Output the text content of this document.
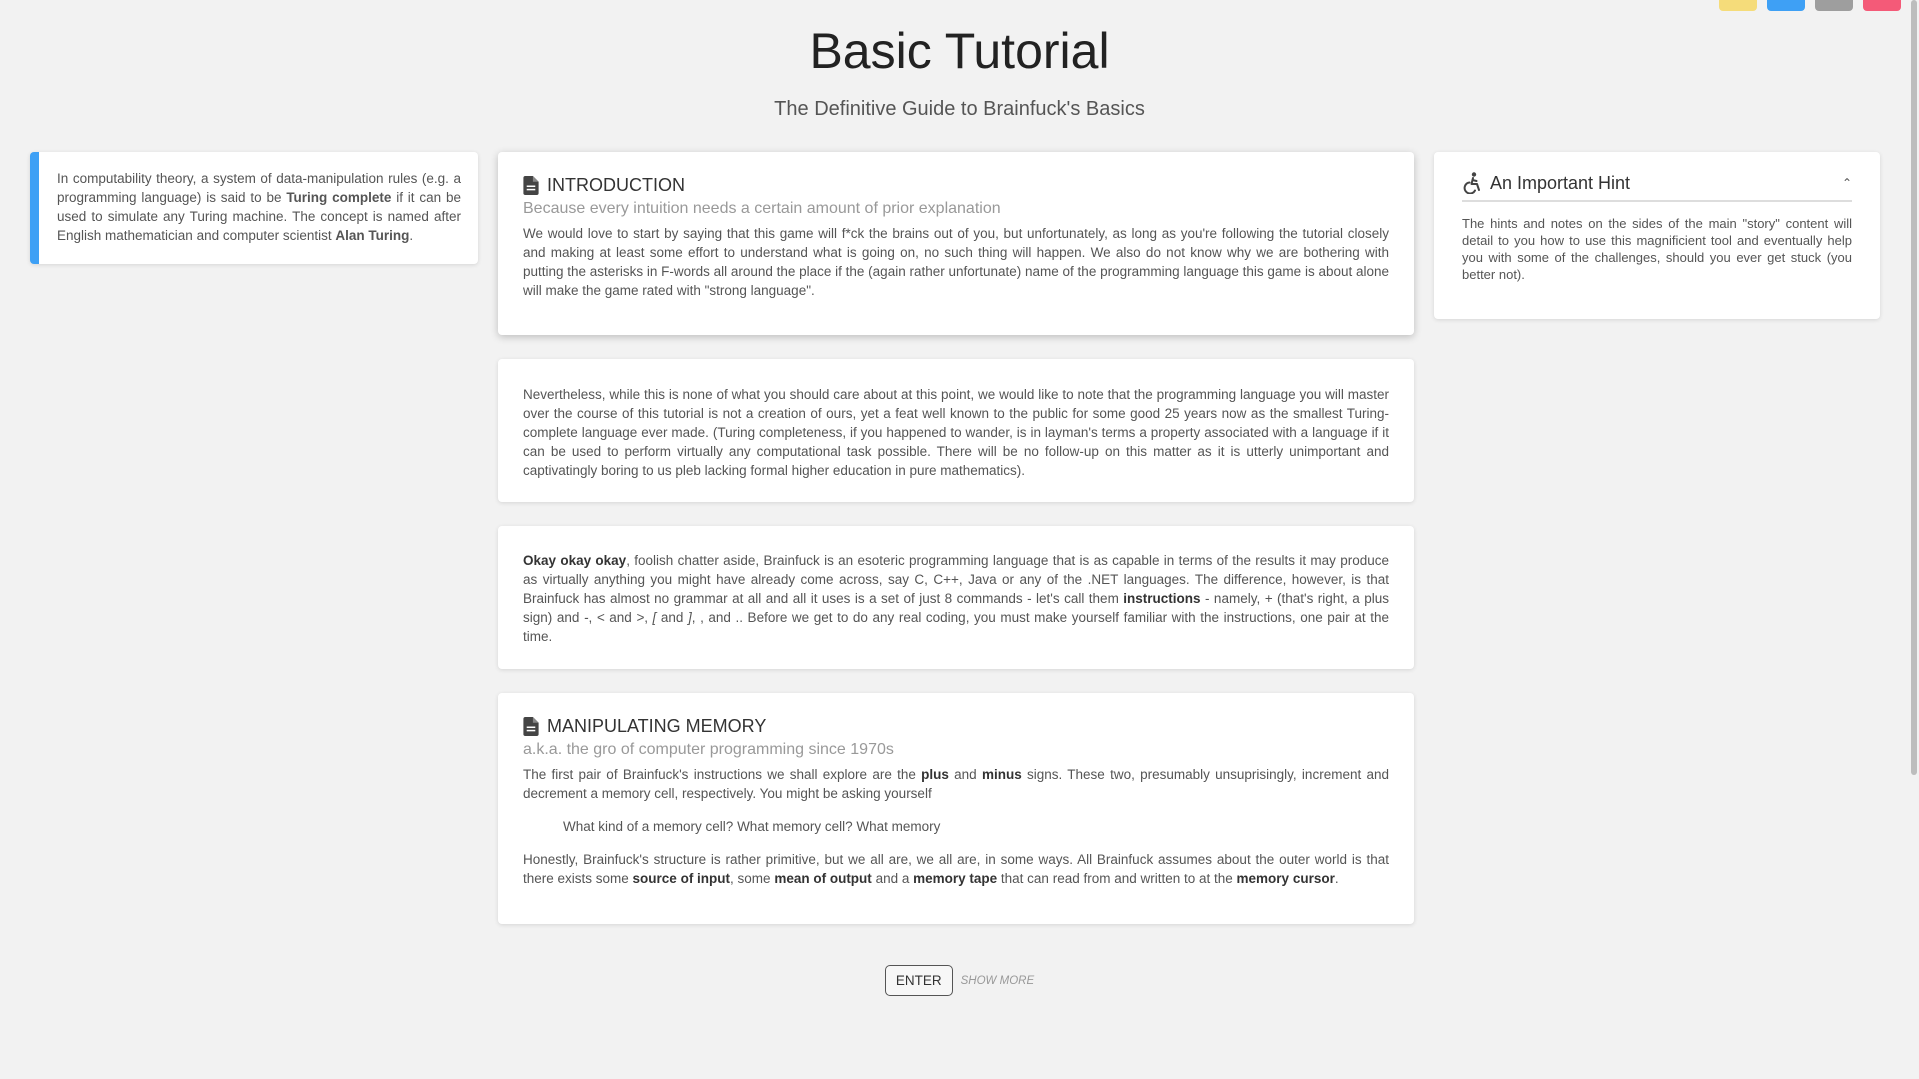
Basic Tutorial
The Definitive Guide to Brainfuck's Basics
In computability theory, a system of data-manipulation rules (e.g. a programming language) is said to be Turing complete if it can be used to simulate any Turing machine. The concept is named after English mathematician and computer scientist Alan Turing.
INTRODUCTION
Because every intuition needs a certain amount of prior explanation

We would love to start by saying that this game will f*ck the brains out of you, but unfortunately, as long as you're following the tutorial closely and making at least some effort to understand what is going on, no such thing will happen. We also do not know why we are bothering with putting the asterisks in F-words all around the place if the (again rather unfortunate) name of the programming language this game is about alone will make the game rated with "strong language".

Nevertheless, while this is none of what you should care about at this point, we would like to note that the programming language you will master over the course of this tutorial is not a creation of ours, yet a feat well known to the public for some good 25 years now as the smallest Turing-complete language ever made. (Turing completeness, if you happened to wander, is in layman's terms a property associated with a language if it can be used to perform virtually any computational task possible. There will be no follow-up on this matter as it is utterly unimportant and captivatingly boring to us pleb lacking formal higher education in pure mathematics).

Okay okay okay, foolish chatter aside, Brainfuck is an esoteric programming language that is as capable in terms of the results it may produce as virtually anything you might have already come across, say C, C++, Java or any of the .NET languages. The difference, however, is that Brainfuck has almost no grammar at all and all it uses is a set of just 8 commands - let's call them instructions - namely, + (that's right, a plus sign) and -, < and >, [ and ], , and .. Before we get to do any real coding, you must make yourself familiar with the instructions, one pair at the time.

MANIPULATING MEMORY
a.k.a. the gro of computer programming since 1970s

The first pair of Brainfuck's instructions we shall explore are the plus and minus signs. These two, presumably unsuprisingly, increment and decrement a memory cell, respectively. You might be asking yourself

What kind of a memory cell? What memory cell? What memory

Honestly, Brainfuck's structure is rather primitive, but we all are, we all are, in some ways. All Brainfuck assumes about the outer world is that there exists some source of input, some mean of output and a memory tape that can read from and written to at the memory cursor.

An Important Hint	⌃
The hints and notes on the sides of the main "story" content will detail to you how to use this magnificient tool and eventually help you with some of the challenges, should you ever get stuck (you better not).
ENTER	SHOW MORE
